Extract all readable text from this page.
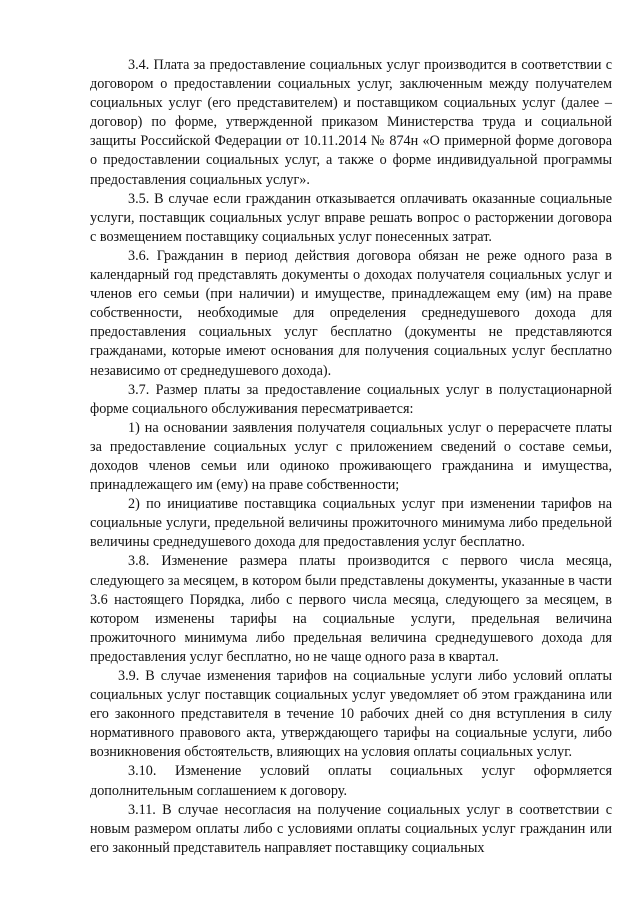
3.4. Плата за предоставление социальных услуг производится в соответствии с договором о предоставлении социальных услуг, заключенным между получателем социальных услуг (его представителем) и поставщиком социальных услуг (далее – договор) по форме, утвержденной приказом Министерства труда и социальной защиты Российской Федерации от 10.11.2014 № 874н «О примерной форме договора о предоставлении социальных услуг, а также о форме индивидуальной программы предоставления социальных услуг».

3.5. В случае если гражданин отказывается оплачивать оказанные социальные услуги, поставщик социальных услуг вправе решать вопрос о расторжении договора с возмещением поставщику социальных услуг понесенных затрат.

3.6. Гражданин в период действия договора обязан не реже одного раза в календарный год представлять документы о доходах получателя социальных услуг и членов его семьи (при наличии) и имуществе, принадлежащем ему (им) на праве собственности, необходимые для определения среднедушевого дохода для предоставления социальных услуг бесплатно (документы не представляются гражданами, которые имеют основания для получения социальных услуг бесплатно независимо от среднедушевого дохода).

3.7. Размер платы за предоставление социальных услуг в полустационарной форме социального обслуживания пересматривается:

1) на основании заявления получателя социальных услуг о перерасчете платы за предоставление социальных услуг с приложением сведений о составе семьи, доходов членов семьи или одиноко проживающего гражданина и имущества, принадлежащего им (ему) на праве собственности;

2) по инициативе поставщика социальных услуг при изменении тарифов на социальные услуги, предельной величины прожиточного минимума либо предельной величины среднедушевого дохода для предоставления услуг бесплатно.

3.8. Изменение размера платы производится с первого числа месяца, следующего за месяцем, в котором были представлены документы, указанные в части 3.6 настоящего Порядка, либо с первого числа месяца, следующего за месяцем, в котором изменены тарифы на социальные услуги, предельная величина прожиточного минимума либо предельная величина среднедушевого дохода для предоставления услуг бесплатно, но не чаще одного раза в квартал.

3.9. В случае изменения тарифов на социальные услуги либо условий оплаты социальных услуг поставщик социальных услуг уведомляет об этом гражданина или его законного представителя в течение 10 рабочих дней со дня вступления в силу нормативного правового акта, утверждающего тарифы на социальные услуги, либо возникновения обстоятельств, влияющих на условия оплаты социальных услуг.

3.10. Изменение условий оплаты социальных услуг оформляется дополнительным соглашением к договору.

3.11. В случае несогласия на получение социальных услуг в соответствии с новым размером оплаты либо с условиями оплаты социальных услуг гражданин или его законный представитель направляет поставщику социальных
